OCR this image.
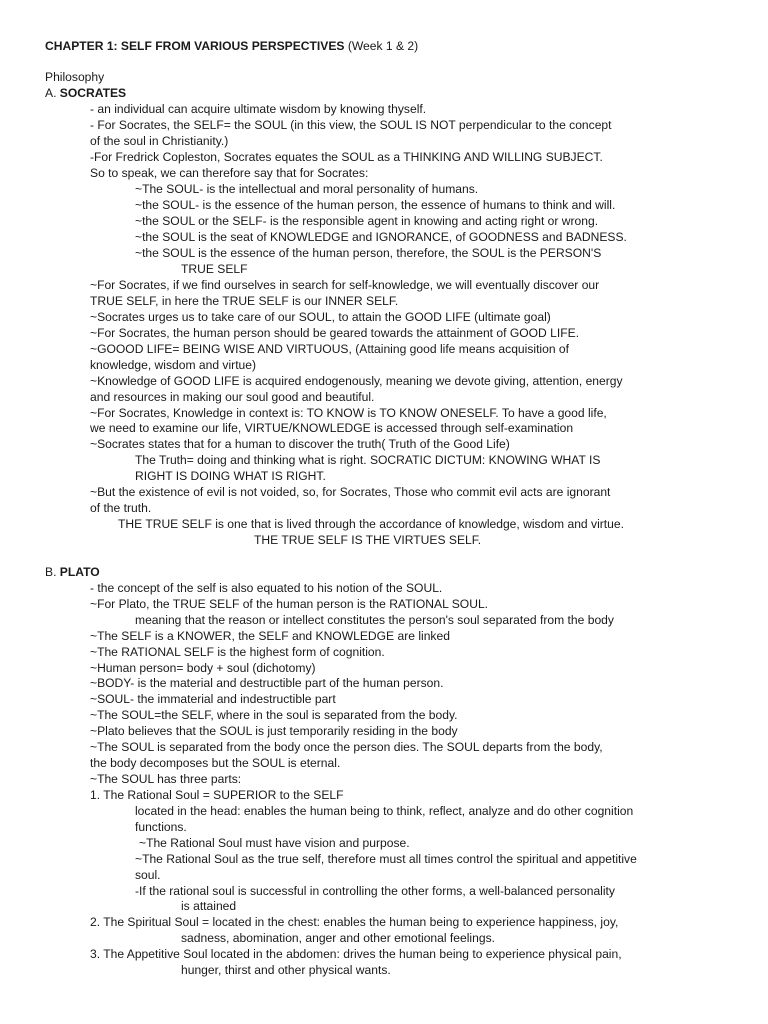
CHAPTER 1: SELF FROM VARIOUS PERSPECTIVES (Week 1 & 2)
Philosophy
A. SOCRATES
- an individual can acquire ultimate wisdom by knowing thyself.
- For Socrates, the SELF= the SOUL (in this view, the SOUL IS NOT perpendicular to the concept
of the soul in Christianity.)
-For Fredrick Copleston, Socrates equates the SOUL as a THINKING AND WILLING SUBJECT.
So to speak, we can therefore say that for Socrates:
~The SOUL- is the intellectual and moral personality of humans.
~the SOUL- is the essence of the human person, the essence of humans to think and will.
~the SOUL or the SELF- is the responsible agent in knowing and acting right or wrong.
~the SOUL is the seat of KNOWLEDGE and IGNORANCE, of GOODNESS and BADNESS.
~the SOUL is the essence of the human person, therefore, the SOUL is the PERSON'S
TRUE SELF
~For Socrates, if we find ourselves in search for self-knowledge, we will eventually discover our
TRUE SELF, in here the TRUE SELF is our INNER SELF.
~Socrates urges us to take care of our SOUL, to attain the GOOD LIFE (ultimate goal)
~For Socrates, the human person should be geared towards the attainment of GOOD LIFE.
~GOOOD LIFE= BEING WISE AND VIRTUOUS, (Attaining good life means acquisition of
knowledge, wisdom and virtue)
~Knowledge of GOOD LIFE is acquired endogenously, meaning we devote giving, attention, energy
and resources in making our soul good and beautiful.
~For Socrates, Knowledge in context is: TO KNOW is TO KNOW ONESELF. To have a good life,
we need to examine our life, VIRTUE/KNOWLEDGE is accessed through self-examination
~Socrates states that for a human to discover the truth( Truth of the Good Life)
The Truth= doing and thinking what is right. SOCRATIC DICTUM: KNOWING WHAT IS
RIGHT IS DOING WHAT IS RIGHT.
~But the existence of evil is not voided, so, for Socrates, Those who commit evil acts are ignorant
of the truth.
THE TRUE SELF is one that is lived through the accordance of knowledge, wisdom and virtue.
THE TRUE SELF IS THE VIRTUES SELF.
B. PLATO
- the concept of the self is also equated to his notion of the SOUL.
~For Plato, the TRUE SELF of the human person is the RATIONAL SOUL.
meaning that the reason or intellect constitutes the person's soul separated from the body
~The SELF is a KNOWER, the SELF and KNOWLEDGE are linked
~The RATIONAL SELF is the highest form of cognition.
~Human person= body + soul (dichotomy)
~BODY- is the material and destructible part of the human person.
~SOUL- the immaterial and indestructible part
~The SOUL=the SELF, where in the soul is separated from the body.
~Plato believes that the SOUL is just temporarily residing in the body
~The SOUL is separated from the body once the person dies. The SOUL departs from the body,
the body decomposes but the SOUL is eternal.
~The SOUL has three parts:
1. The Rational Soul = SUPERIOR to the SELF
located in the head: enables the human being to think, reflect, analyze and do other cognition
functions.
~The Rational Soul must have vision and purpose.
~The Rational Soul as the true self, therefore must all times control the spiritual and appetitive
soul.
-If the rational soul is successful in controlling the other forms, a well-balanced personality
is attained
2. The Spiritual Soul = located in the chest: enables the human being to experience happiness, joy,
sadness, abomination, anger and other emotional feelings.
3. The Appetitive Soul located in the abdomen: drives the human being to experience physical pain,
hunger, thirst and other physical wants.
